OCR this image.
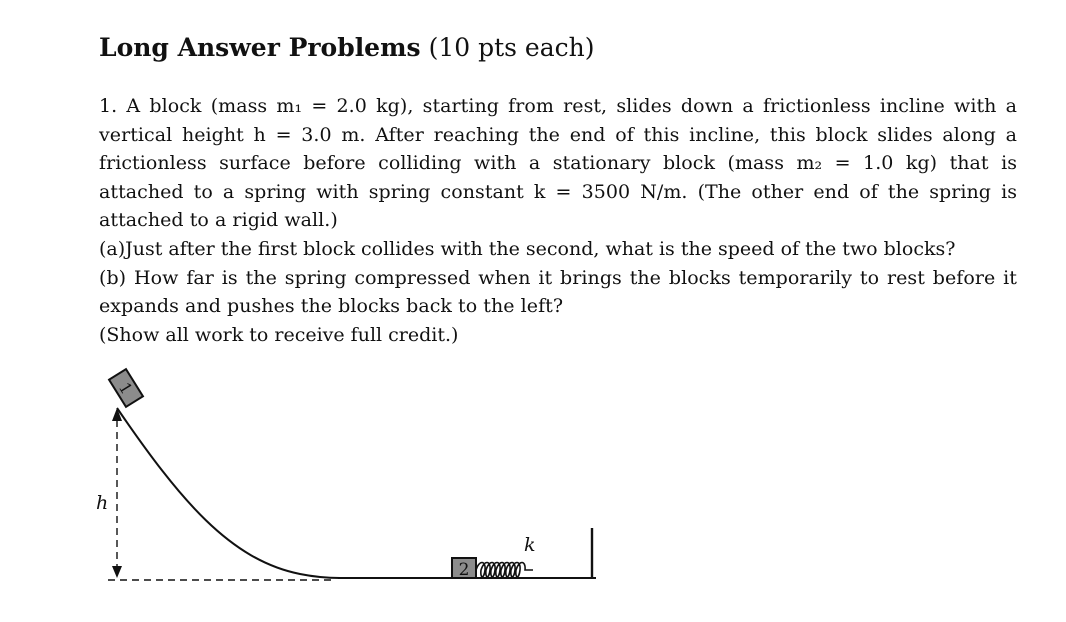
Long Answer Problems (10 pts each)

1. A block (mass m₁ = 2.0 kg), starting from rest, slides down a frictionless incline with a vertical height h = 3.0 m. After reaching the end of this incline, this block slides along a frictionless surface before colliding with a stationary block (mass m₂ = 1.0 kg) that is attached to a spring with spring constant k = 3500 N/m. (The other end of the spring is attached to a rigid wall.)

(a)Just after the first block collides with the second, what is the speed of the two blocks?

(b) How far is the spring compressed when it brings the blocks temporarily to rest before it expands and pushes the blocks back to the left?

(Show all work to receive full credit.)

h
1
2
k
